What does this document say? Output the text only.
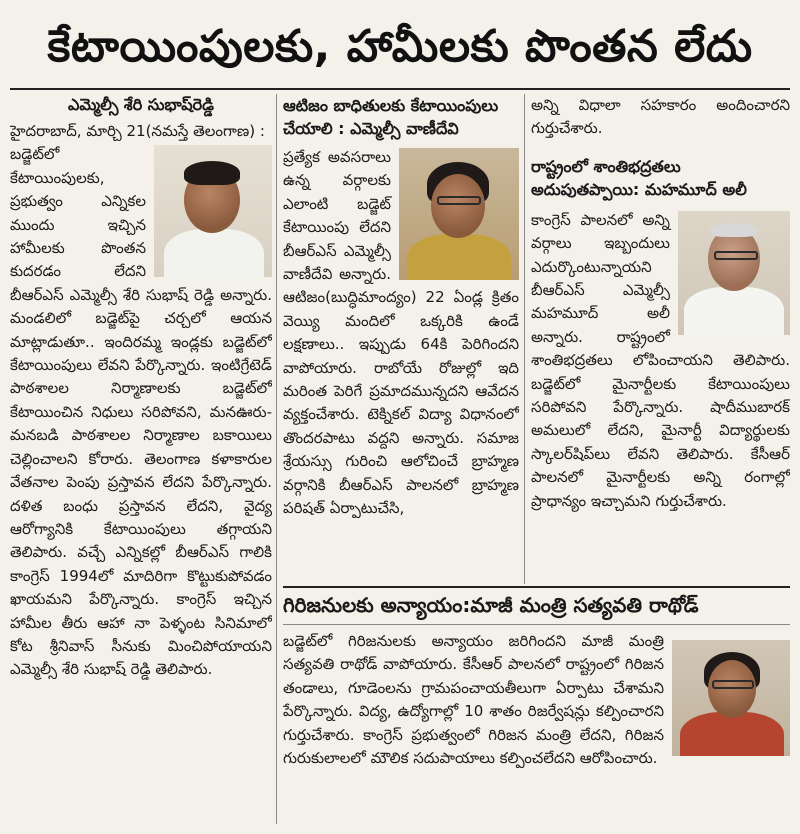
కేటాయింపులకు, హామీలకు పొంతన లేదు
ఎమ్మెల్సీ శేరి సుభాష్‌రెడ్డి

హైదరాబాద్, మార్చి 21(నమస్తే తెలంగాణ) :

బడ్జెట్‌లో కేటాయింపులకు, ప్రభుత్వం ఎన్నికల ముందు ఇచ్చిన హామీలకు పొంతన కుదరడం లేదని బీఆర్‌ఎస్ ఎమ్మెల్సీ శేరి సుభాష్ రెడ్డి అన్నారు. మండలిలో బడ్జెట్‌పై చర్చలో ఆయన మాట్లాడుతూ.. ఇందిరమ్మ ఇండ్లకు బడ్జెట్‌లో కేటాయింపులు లేవని పేర్కొన్నారు. ఇంటిగ్రేటెడ్ పాఠశాలల నిర్మాణాలకు బడ్జెట్‌లో కేటాయించిన నిధులు సరిపోవని, మనఊరు-మనబడి పాఠశాలల నిర్మాణాల బకాయిలు చెల్లించాలని కోరారు. తెలంగాణ కళాకారుల వేతనాల పెంపు ప్రస్తావన లేదని పేర్కొన్నారు. దళిత బంధు ప్రస్తావన లేదని, వైద్య ఆరోగ్యానికి కేటాయింపులు తగ్గాయని తెలిపారు. వచ్చే ఎన్నికల్లో బీఆర్‌ఎస్ గాలికి కాంగ్రెస్ 1994లో మాదిరిగా కొట్టుకుపోవడం ఖాయమని పేర్కొన్నారు. కాంగ్రెస్ ఇచ్చిన హామీల తీరు ఆహా నా పెళ్ళంట సినిమాలో కోట శ్రీనివాస్ సీనుకు మించిపోయాయని ఎమ్మెల్సీ శేరి సుభాష్ రెడ్డి తెలిపారు.

ఆటిజం బాధితులకు కేటాయింపులు చేయాలి : ఎమ్మెల్సీ వాణీదేవి

ప్రత్యేక అవసరాలు ఉన్న వర్గాలకు ఎలాంటి బడ్జెట్ కేటాయింపు లేదని బీఆర్‌ఎస్ ఎమ్మెల్సీ వాణీదేవి అన్నారు. ఆటిజం(బుద్ధిమాంద్యం) 22 ఏండ్ల క్రితం వెయ్యి మందిలో ఒక్కరికి ఉండే లక్షణాలు.. ఇప్పుడు 64కి పెరిగిందని వాపోయారు. రాబోయే రోజుల్లో ఇది మరింత పెరిగే ప్రమాదమున్నదని ఆవేదన వ్యక్తంచేశారు. టెక్నికల్ విద్యా విధానంలో తొందరపాటు వద్దని అన్నారు. సమాజ శ్రేయస్సు గురించి ఆలోచించే బ్రాహ్మణ వర్గానికి బీఆర్‌ఎస్ పాలనలో బ్రాహ్మణ పరిషత్ ఏర్పాటుచేసి,

అన్ని విధాలా సహకారం అందించారని గుర్తుచేశారు.

రాష్ట్రంలో శాంతిభద్రతలు అదుపుతప్పాయి: మహమూద్ అలీ

కాంగ్రెస్ పాలనలో అన్ని వర్గాలు ఇబ్బందులు ఎదుర్కొంటున్నాయని బీఆర్‌ఎస్ ఎమ్మెల్సీ మహమూద్ అలీ అన్నారు. రాష్ట్రంలో శాంతిభద్రతలు లోపించాయని తెలిపారు. బడ్జెట్‌లో మైనార్టీలకు కేటాయింపులు సరిపోవని పేర్కొన్నారు. షాదీముబారక్ అమలులో లేదని, మైనార్టీ విద్యార్థులకు స్కాలర్‌షిప్‌లు లేవని తెలిపారు. కేసీఆర్ పాలనలో మైనార్టీలకు అన్ని రంగాల్లో ప్రాధాన్యం ఇచ్చామని గుర్తుచేశారు.

గిరిజనులకు అన్యాయం:మాజీ మంత్రి సత్యవతి రాథోడ్

బడ్జెట్‌లో గిరిజనులకు అన్యాయం జరిగిందని మాజీ మంత్రి సత్యవతి రాథోడ్ వాపోయారు. కేసీఆర్ పాలనలో రాష్ట్రంలో గిరిజన తండాలు, గూడెంలను గ్రామపంచాయతీలుగా ఏర్పాటు చేశామని పేర్కొన్నారు. విద్య, ఉద్యోగాల్లో 10 శాతం రిజర్వేషన్లు కల్పించారని గుర్తుచేశారు. కాంగ్రెస్ ప్రభుత్వంలో గిరిజన మంత్రి లేదని, గిరిజన గురుకులాలలో మౌలిక సదుపాయాలు కల్పించలేదని ఆరోపించారు.
